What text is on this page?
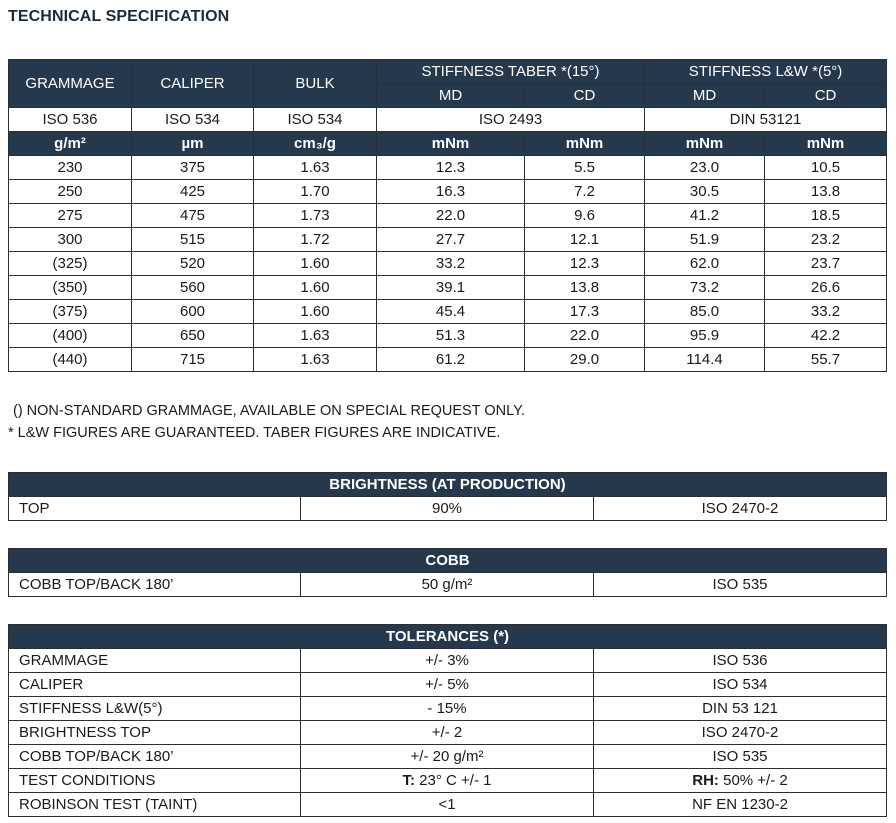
TECHNICAL SPECIFICATION
GRAMMAGE	CALIPER	BULK	STIFFNESS TABER *(15°)		STIFFNESS L&W *(5°)	
			MD	CD	MD	CD
ISO 536	ISO 534	ISO 534	ISO 2493		DIN 53121	
g/m²	µm	cm₃/g	mNm	mNm	mNm	mNm
230	375	1.63	12.3	5.5	23.0	10.5
250	425	1.70	16.3	7.2	30.5	13.8
275	475	1.73	22.0	9.6	41.2	18.5
300	515	1.72	27.7	12.1	51.9	23.2
(325)	520	1.60	33.2	12.3	62.0	23.7
(350)	560	1.60	39.1	13.8	73.2	26.6
(375)	600	1.60	45.4	17.3	85.0	33.2
(400)	650	1.63	51.3	22.0	95.9	42.2
(440)	715	1.63	61.2	29.0	114.4	55.7
() NON-STANDARD GRAMMAGE, AVAILABLE ON SPECIAL REQUEST ONLY.
* L&W FIGURES ARE GUARANTEED. TABER FIGURES ARE INDICATIVE.
BRIGHTNESS (AT PRODUCTION)
TOP	90%	ISO 2470-2
COBB
COBB TOP/BACK 180’	50 g/m²	ISO 535
TOLERANCES (*)		
GRAMMAGE	+/- 3%	ISO 536
CALIPER	+/- 5%	ISO 534
STIFFNESS L&W(5°)	- 15%	DIN 53 121
BRIGHTNESS TOP	+/- 2	ISO 2470-2
COBB TOP/BACK 180’	+/- 20 g/m²	ISO 535
TEST CONDITIONS	T: 23° C +/- 1	RH: 50% +/- 2
ROBINSON TEST (TAINT)	<1	NF EN 1230-2
